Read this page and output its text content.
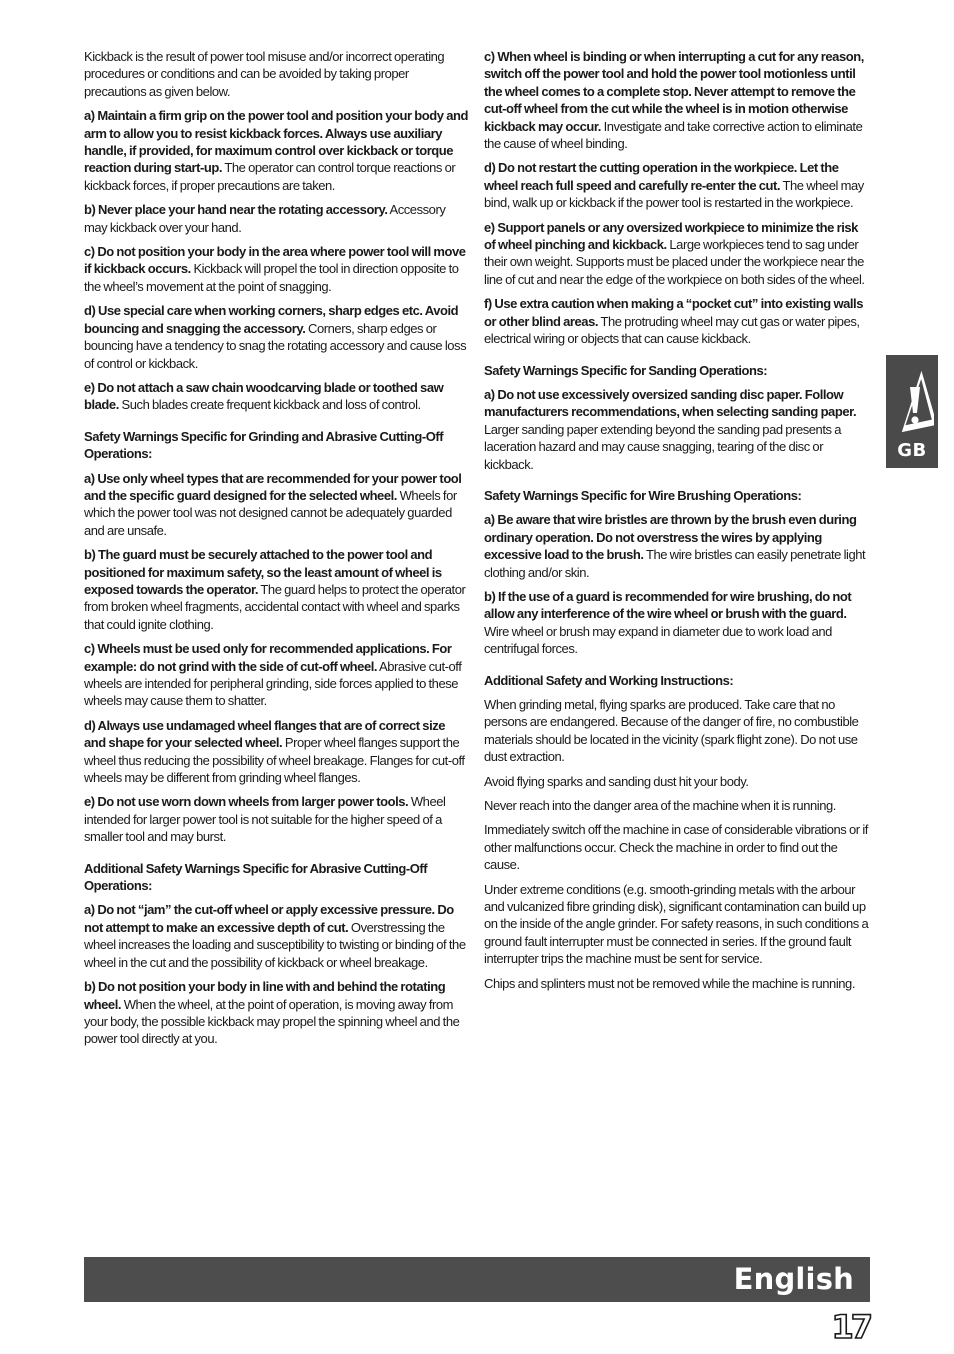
Kickback is the result of power tool misuse and/or incorrect operating procedures or conditions and can be avoided by taking proper precautions as given below.

a) Maintain a firm grip on the power tool and position your body and arm to allow you to resist kickback forces. Always use auxiliary handle, if provided, for maximum control over kickback or torque reaction during start-up. The operator can control torque reactions or kickback forces, if proper precautions are taken.

b) Never place your hand near the rotating accessory. Accessory may kickback over your hand.

c) Do not position your body in the area where power tool will move if kickback occurs. Kickback will propel the tool in direction opposite to the wheel’s movement at the point of snagging.

d) Use special care when working corners, sharp edges etc. Avoid bouncing and snagging the accessory. Corners, sharp edges or bouncing have a tendency to snag the rotating accessory and cause loss of control or kickback.

e) Do not attach a saw chain woodcarving blade or toothed saw blade. Such blades create frequent kickback and loss of control.

Safety Warnings Specific for Grinding and Abrasive Cutting-Off Operations:

a) Use only wheel types that are recommended for your power tool and the specific guard designed for the selected wheel. Wheels for which the power tool was not designed cannot be adequately guarded and are unsafe.

b) The guard must be securely attached to the power tool and positioned for maximum safety, so the least amount of wheel is exposed towards the operator. The guard helps to protect the operator from broken wheel fragments, accidental contact with wheel and sparks that could ignite clothing.

c) Wheels must be used only for recommended applications. For example: do not grind with the side of cut-off wheel. Abrasive cut-off wheels are intended for peripheral grinding, side forces applied to these wheels may cause them to shatter.

d) Always use undamaged wheel flanges that are of correct size and shape for your selected wheel. Proper wheel flanges support the wheel thus reducing the possibility of wheel breakage. Flanges for cut-off wheels may be different from grinding wheel flanges.

e) Do not use worn down wheels from larger power tools. Wheel intended for larger power tool is not suitable for the higher speed of a smaller tool and may burst.

Additional Safety Warnings Specific for Abrasive Cutting-Off Operations:

a) Do not “jam” the cut-off wheel or apply excessive pressure. Do not attempt to make an excessive depth of cut. Overstressing the wheel increases the loading and susceptibility to twisting or binding of the wheel in the cut and the possibility of kickback or wheel breakage.

b) Do not position your body in line with and behind the rotating wheel. When the wheel, at the point of operation, is moving away from your body, the possible kickback may propel the spinning wheel and the power tool directly at you.

c) When wheel is binding or when interrupting a cut for any reason, switch off the power tool and hold the power tool motionless until the wheel comes to a complete stop. Never attempt to remove the cut-off wheel from the cut while the wheel is in motion otherwise kickback may occur. Investigate and take corrective action to eliminate the cause of wheel binding.

d) Do not restart the cutting operation in the workpiece. Let the wheel reach full speed and carefully re-enter the cut. The wheel may bind, walk up or kickback if the power tool is restarted in the workpiece.

e) Support panels or any oversized workpiece to minimize the risk of wheel pinching and kickback. Large workpieces tend to sag under their own weight. Supports must be placed under the workpiece near the line of cut and near the edge of the workpiece on both sides of the wheel.

f) Use extra caution when making a “pocket cut” into existing walls or other blind areas. The protruding wheel may cut gas or water pipes, electrical wiring or objects that can cause kickback.

Safety Warnings Specific for Sanding Operations:

a) Do not use excessively oversized sanding disc paper. Follow manufacturers recommendations, when selecting sanding paper. Larger sanding paper extending beyond the sanding pad presents a laceration hazard and may cause snagging, tearing of the disc or kickback.

Safety Warnings Specific for Wire Brushing Operations:

a) Be aware that wire bristles are thrown by the brush even during ordinary operation. Do not overstress the wires by applying excessive load to the brush. The wire bristles can easily penetrate light clothing and/or skin.

b) If the use of a guard is recommended for wire brushing, do not allow any interference of the wire wheel or brush with the guard. Wire wheel or brush may expand in diameter due to work load and centrifugal forces.

Additional Safety and Working Instructions:

When grinding metal, flying sparks are produced. Take care that no persons are endangered. Because of the danger of fire, no combustible materials should be located in the vicinity (spark flight zone). Do not use dust extraction.

Avoid flying sparks and sanding dust hit your body.

Never reach into the danger area of the machine when it is running.

Immediately switch off the machine in case of considerable vibrations or if other malfunctions occur. Check the machine in order to find out the cause.

Under extreme conditions (e.g. smooth-grinding metals with the arbour and vulcanized fibre grinding disk), significant contamination can build up on the inside of the angle grinder. For safety reasons, in such conditions a ground fault interrupter must be connected in series. If the ground fault interrupter trips the machine must be sent for service.

Chips and splinters must not be removed while the machine is running.

GB
English
17
